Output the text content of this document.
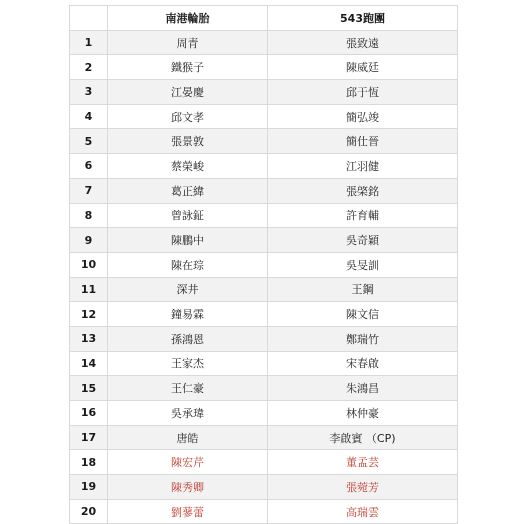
	南港輪胎	543跑團
1	周青	張致遠
2	鐵猴子	陳威廷
3	江晏慶	邱于恆
4	邱文孝	簡弘竣
5	張景敦	簡仕晉
6	蔡榮峻	江羽健
7	葛正緯	張棨銘
8	曾詠鉦	許育輔
9	陳鵬中	吳奇穎
10	陳在琮	吳旻訓
11	深井	王鋼
12	鐘易霖	陳文信
13	孫鴻恩	鄭瑞竹
14	王家杰	宋春啟
15	王仁豪	朱鴻昌
16	吳承瑋	林仲豪
17	唐皓	李啟賓 （CP)
18	陳宏芹	董孟芸
19	陳秀卿	張菀芳
20	劉蓼蕾	高瑞雲
